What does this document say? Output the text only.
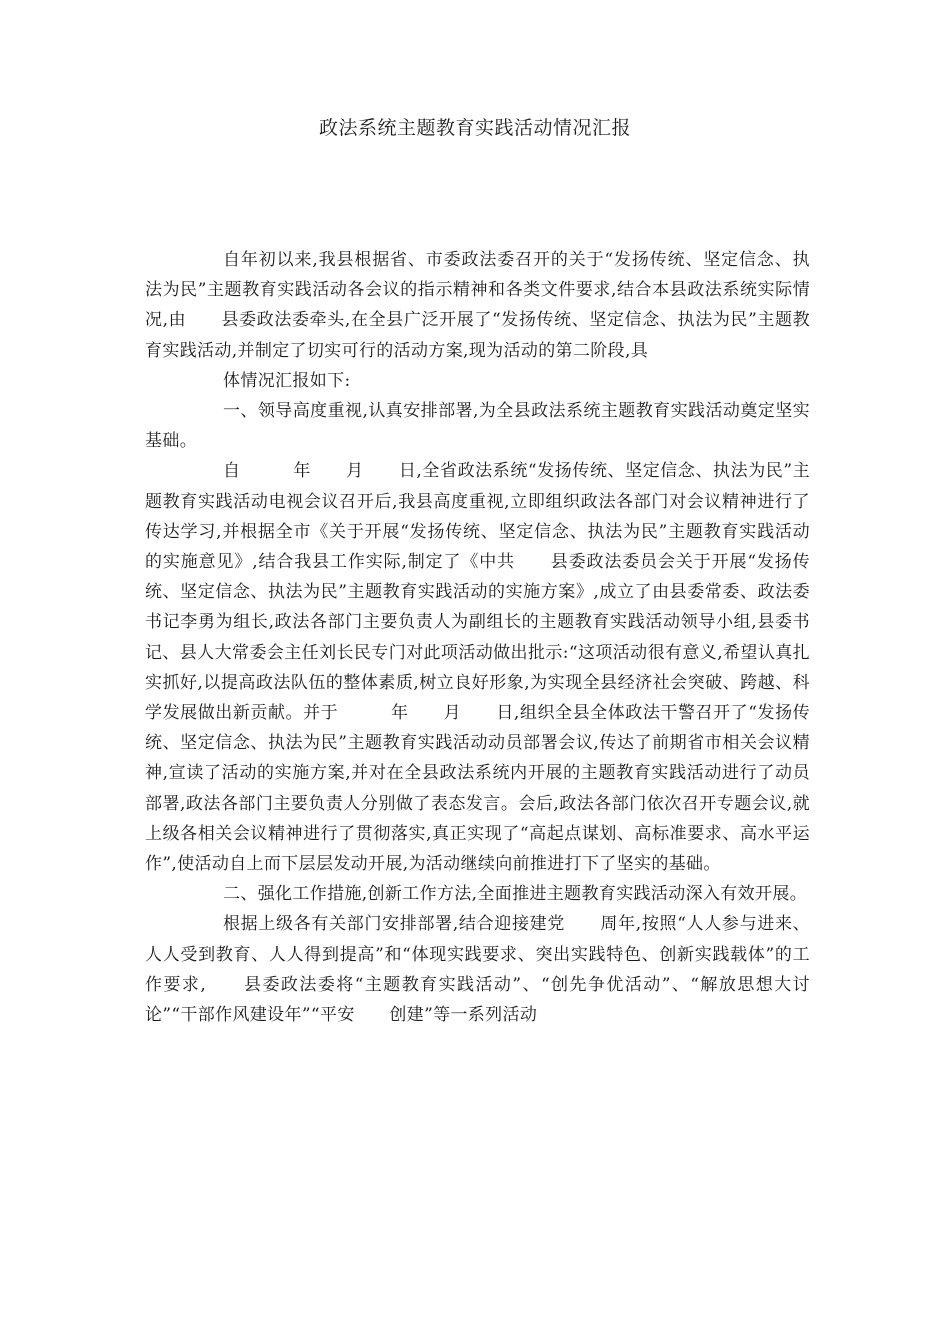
政法系统主题教育实践活动情况汇报

自年初以来,我县根据省、市委政法委召开的关于“发扬传统、坚定信念、执法为民”主题教育实践活动各会议的指示精神和各类文件要求,结合本县政法系统实际情况,由　　县委政法委牵头,在全县广泛开展了“发扬传统、坚定信念、执法为民”主题教育实践活动,并制定了切实可行的活动方案,现为活动的第二阶段,具

体情况汇报如下:

一、领导高度重视,认真安排部署,为全县政法系统主题教育实践活动奠定坚实基础。

自　　　年　　月　　日,全省政法系统“发扬传统、坚定信念、执法为民”主题教育实践活动电视会议召开后,我县高度重视,立即组织政法各部门对会议精神进行了传达学习,并根据全市《关于开展“发扬传统、坚定信念、执法为民”主题教育实践活动的实施意见》,结合我县工作实际,制定了《中共　　县委政法委员会关于开展“发扬传统、坚定信念、执法为民”主题教育实践活动的实施方案》,成立了由县委常委、政法委书记李勇为组长,政法各部门主要负责人为副组长的主题教育实践活动领导小组,县委书记、县人大常委会主任刘长民专门对此项活动做出批示:“这项活动很有意义,希望认真扎实抓好,以提高政法队伍的整体素质,树立良好形象,为实现全县经济社会突破、跨越、科学发展做出新贡献。并于　　　年　　月　　日,组织全县全体政法干警召开了“发扬传统、坚定信念、执法为民”主题教育实践活动动员部署会议,传达了前期省市相关会议精神,宣读了活动的实施方案,并对在全县政法系统内开展的主题教育实践活动进行了动员部署,政法各部门主要负责人分别做了表态发言。会后,政法各部门依次召开专题会议,就上级各相关会议精神进行了贯彻落实,真正实现了“高起点谋划、高标准要求、高水平运作”,使活动自上而下层层发动开展,为活动继续向前推进打下了坚实的基础。

二、强化工作措施,创新工作方法,全面推进主题教育实践活动深入有效开展。

根据上级各有关部门安排部署,结合迎接建党　　周年,按照“人人参与进来、人人受到教育、人人得到提高”和“体现实践要求、突出实践特色、创新实践载体”的工作要求,　　县委政法委将“主题教育实践活动”、“创先争优活动”、“解放思想大讨论”“干部作风建设年”“平安　　创建”等一系列活动
